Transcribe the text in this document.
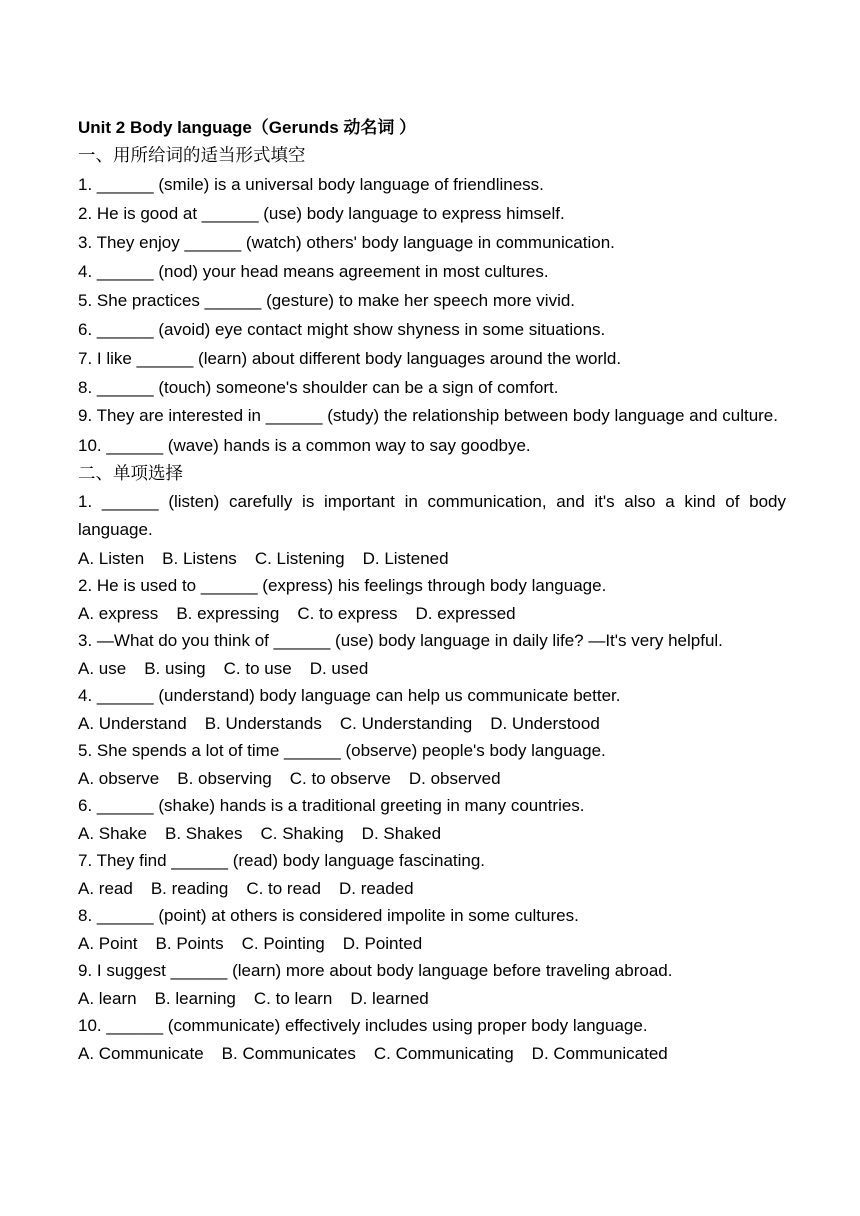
Unit 2 Body language（Gerunds 动名词 ）
一、用所给词的适当形式填空
1. ______ (smile) is a universal body language of friendliness.
2. He is good at ______ (use) body language to express himself.
3. They enjoy ______ (watch) others' body language in communication.
4. ______ (nod) your head means agreement in most cultures.
5. She practices ______ (gesture) to make her speech more vivid.
6. ______ (avoid) eye contact might show shyness in some situations.
7. I like ______ (learn) about different body languages around the world.
8. ______ (touch) someone's shoulder can be a sign of comfort.
9. They are interested in ______ (study) the relationship between body language and culture.
10. ______ (wave) hands is a common way to say goodbye.
二、单项选择
1. ______ (listen) carefully is important in communication, and it's also a kind of body language.
A. Listen B. Listens C. Listening D. Listened
2. He is used to ______ (express) his feelings through body language.
A. express B. expressing C. to express D. expressed
3. —What do you think of ______ (use) body language in daily life? —It's very helpful.
A. use B. using C. to use D. used
4. ______ (understand) body language can help us communicate better.
A. Understand B. Understands C. Understanding D. Understood
5. She spends a lot of time ______ (observe) people's body language.
A. observe B. observing C. to observe D. observed
6. ______ (shake) hands is a traditional greeting in many countries.
A. Shake B. Shakes C. Shaking D. Shaked
7. They find ______ (read) body language fascinating.
A. read B. reading C. to read D. readed
8. ______ (point) at others is considered impolite in some cultures.
A. Point B. Points C. Pointing D. Pointed
9. I suggest ______ (learn) more about body language before traveling abroad.
A. learn B. learning C. to learn D. learned
10. ______ (communicate) effectively includes using proper body language.
A. Communicate B. Communicates C. Communicating D. Communicated
